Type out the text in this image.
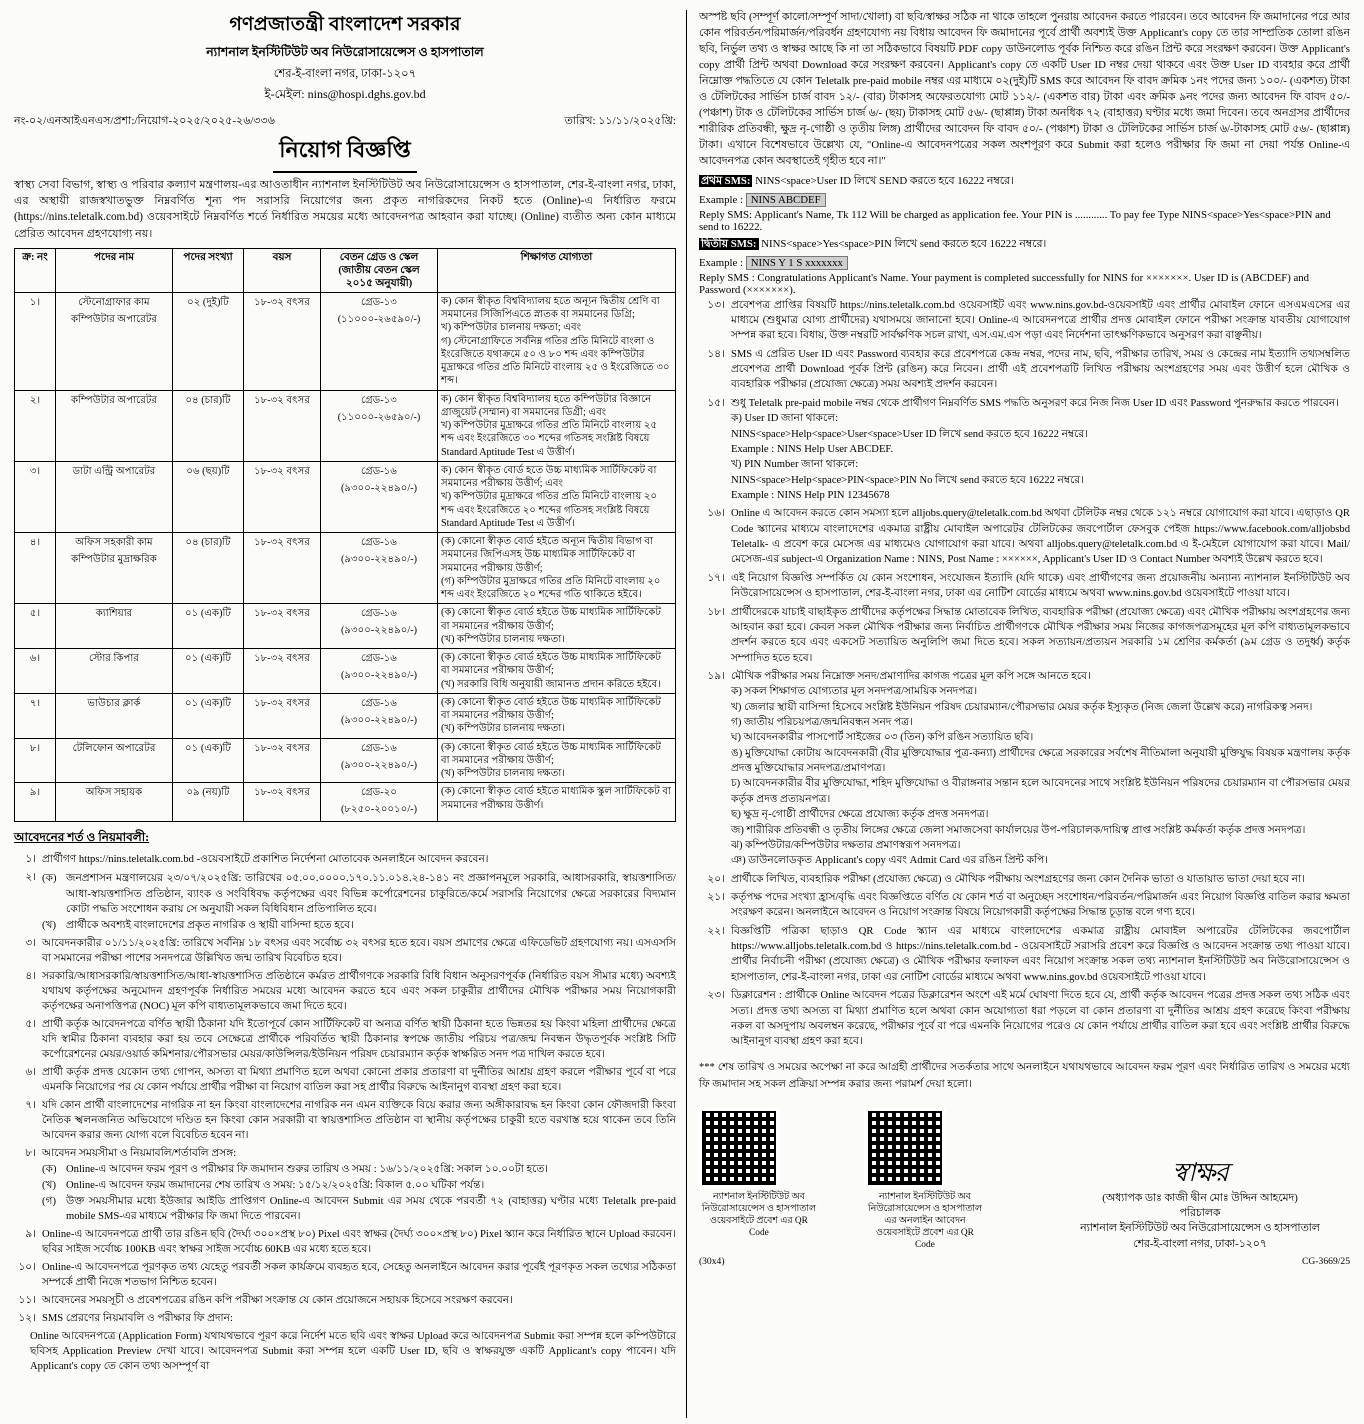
গণপ্রজাতন্ত্রী বাংলাদেশ সরকার
ন্যাশনাল ইনস্টিটিউট অব নিউরোসায়েন্সেস ও হাসপাতাল
শের-ই-বাংলা নগর, ঢাকা-১২০৭
ই-মেইল: nins@hospi.dghs.gov.bd
নং-০২/এনআইএনএস/প্রশা:/নিয়োগ-২০২৫/২০২৫-২৬/৩৩৬	তারিখ: ১১/১১/২০২৫খ্রি:
নিয়োগ বিজ্ঞপ্তি
স্বাস্থ্য সেবা বিভাগ, স্বাস্থ্য ও পরিবার কল্যাণ মন্ত্রণালয়-এর আওতাধীন ন্যাশনাল ইনস্টিটিউট অব নিউরোসায়েন্সেস ও হাসপাতাল, শের-ই-বাংলা নগর, ঢাকা, এর অস্থায়ী রাজস্বখাতভুক্ত নিম্নবর্ণিত শূন্য পদ সরাসরি নিয়োগের জন্য প্রকৃত নাগরিকদের নিকট হতে (Online)-এ নির্ধারিত ফরমে (https://nins.teletalk.com.bd) ওয়েবসাইটে নিম্নবর্ণিত শর্তে নির্ধারিত সময়ের মধ্যে আবেদনপত্র আহবান করা যাচ্ছে। (Online) ব্যতীত অন্য কোন মাধ্যমে প্রেরিত আবেদন গ্রহণযোগ্য নয়।
ক্র: নং	পদের নাম	পদের সংখ্যা	বয়স	বেতন গ্রেড ও স্কেল (জাতীয় বেতন স্কেল ২০১৫ অনুযায়ী)	শিক্ষাগত যোগ্যতা
১।	স্টেনোগ্রাফার কাম কম্পিউটার অপারেটর	০২ (দুই)টি	১৮-৩২ বৎসর	গ্রেড-১৩ (১১০০০-২৬৫৯০/-)	ক) কোন স্বীকৃত বিশ্ববিদ্যালয় হতে অন্যূন দ্বিতীয় শ্রেণি বা সমমানের সিজিপিএতে স্নাতক বা সমমানের ডিগ্রি;
খ) কম্পিউটার চালনায় দক্ষতা; এবং
গ) স্টেনোগ্রাফিতে সর্বনিম্ন গতির প্রতি মিনিটে বাংলা ও ইংরেজিতে যথাক্রমে ৫০ ও ৮০ শব্দ এবং কম্পিউটার মুদ্রাক্ষরে গতির প্রতি মিনিটে বাংলায় ২৫ ও ইংরেজিতে ৩০ শব্দ।
২।	কম্পিউটার অপারেটর	০৪ (চার)টি	১৮-৩২ বৎসর	গ্রেড-১৩ (১১০০০-২৬৫৯০/-)	ক) কোন স্বীকৃত বিশ্ববিদ্যালয় হতে কম্পিউটার বিজ্ঞানে গ্রাজুয়েট (সম্মান) বা সমমানের ডিগ্রী; এবং
খ) কম্পিউটার মুদ্রাক্ষরে গতির প্রতি মিনিটে বাংলায় ২৫ শব্দ এবং ইংরেজিতে ৩০ শব্দের গতিসহ সংশ্লিষ্ট বিষয়ে Standard Aptitude Test এ উত্তীর্ণ।
৩।	ডাটা এন্ট্রি অপারেটর	০৬ (ছয়)টি	১৮-৩২ বৎসর	গ্রেড-১৬ (৯৩০০-২২৪৯০/-)	ক) কোন স্বীকৃত বোর্ড হতে উচ্চ মাধ্যমিক সার্টিফিকেট বা সমমানের পরীক্ষায় উত্তীর্ণ; এবং
খ) কম্পিউটার মুদ্রাক্ষরে গতির প্রতি মিনিটে বাংলায় ২০ শব্দ এবং ইংরেজিতে ২০ শব্দের গতিসহ সংশ্লিষ্ট বিষয়ে Standard Aptitude Test এ উত্তীর্ণ।
৪।	অফিস সহকারী কাম কম্পিউটার মুদ্রাক্ষরিক	০৪ (চার)টি	১৮-৩২ বৎসর	গ্রেড-১৬ (৯৩০০-২২৪৯০/-)	(ক) কোনো স্বীকৃত বোর্ড হইতে অন্যূন দ্বিতীয় বিভাগ বা সমমানের জিপিএসহ উচ্চ মাধ্যমিক সার্টিফিকেট বা সমমানের পরীক্ষায় উত্তীর্ণ;
(গ) কম্পিউটার মুদ্রাক্ষরে গতির প্রতি মিনিটে বাংলায় ২০ শব্দ এবং ইংরেজিতে ২০ শব্দের গতি থাকিতে হইবে।
৫।	ক্যাশিয়ার	০১ (এক)টি	১৮-৩২ বৎসর	গ্রেড-১৬ (৯৩০০-২২৪৯০/-)	(ক) কোনো স্বীকৃত বোর্ড হইতে উচ্চ মাধ্যমিক সার্টিফিকেট বা সমমানের পরীক্ষায় উত্তীর্ণ;
(খ) কম্পিউটার চালনায় দক্ষতা।
৬।	স্টোর কিপার	০১ (এক)টি	১৮-৩২ বৎসর	গ্রেড-১৬ (৯৩০০-২২৪৯০/-)	(ক) কোনো স্বীকৃত বোর্ড হইতে উচ্চ মাধ্যমিক সার্টিফিকেট বা সমমানের পরীক্ষায় উত্তীর্ণ;
(খ) সরকারি বিধি অনুযায়ী জামানত প্রদান করিতে হইবে।
৭।	ভাউচার ক্লার্ক	০১ (এক)টি	১৮-৩২ বৎসর	গ্রেড-১৬ (৯৩০০-২২৪৯০/-)	(ক) কোনো স্বীকৃত বোর্ড হইতে উচ্চ মাধ্যমিক সার্টিফিকেট বা সমমানের পরীক্ষায় উত্তীর্ণ;
(খ) কম্পিউটার চালনায় দক্ষতা।
৮।	টেলিফোন অপারেটর	০১ (এক)টি	১৮-৩২ বৎসর	গ্রেড-১৬ (৯৩০০-২২৪৯০/-)	(ক) কোনো স্বীকৃত বোর্ড হইতে উচ্চ মাধ্যমিক সার্টিফিকেট বা সমমানের পরীক্ষায় উত্তীর্ণ;
(খ) কম্পিউটার চালনায় দক্ষতা।
৯।	অফিস সহায়ক	০৯ (নয়)টি	১৮-৩২ বৎসর	গ্রেড-২০ (৮২৫০-২০০১০/-)	(ক) কোনো স্বীকৃত বোর্ড হইতে মাধ্যমিক স্কুল সার্টিফিকেট বা সমমানের পরীক্ষায় উত্তীর্ণ।
আবেদনের শর্ত ও নিয়মাবলী:
১। প্রার্থীগণ https://nins.teletalk.com.bd -ওয়েবসাইটে প্রকাশিত নির্দেশনা মোতাবেক অনলাইনে আবেদন করবেন।
২। (ক) জনপ্রশাসন মন্ত্রণালয়ের ২৩/০৭/২০২৫খ্রি: তারিখের ০৫.০০.০০০০.১৭০.১১.০১৪.২৪-১৪১ নং প্রজ্ঞাপনমূলে সরকারি, আধাসরকারি, স্বায়ত্তশাসিত/আধা-স্বায়ত্তশাসিত প্রতিষ্ঠান, ব্যাংক ও সংবিধিবদ্ধ কর্তৃপক্ষের এবং বিভিন্ন কর্পোরেশনের চাকুরিতে/কর্মে সরাসরি নিয়োগের ক্ষেত্রে সরকারের বিদ্যমান কোটা পদ্ধতি সংশোধন করায় সে অনুযায়ী সকল বিধিবিধান প্রতিপালিত হবে।
(খ) প্রার্থীকে অবশ্যই বাংলাদেশের প্রকৃত নাগরিক ও স্থায়ী বাসিন্দা হতে হবে।
৩। আবেদনকারীর ০১/১১/২০২৫খ্রি: তারিখে সর্বনিম্ন ১৮ বৎসর এবং সর্বোচ্চ ৩২ বৎসর হতে হবে। বয়স প্রমাণের ক্ষেত্রে এফিডেভিট গ্রহণযোগ্য নয়। এসএসসি বা সমমানের পরীক্ষা পাশের সনদপত্রে উল্লিখিত জন্ম তারিখ বিবেচিত হবে।
৪। সরকারি/আধাসরকারি/স্বায়ত্তশাসিত/আধা-স্বায়ত্তশাসিত প্রতিষ্ঠানে কর্মরত প্রার্থীগণকে সরকারি বিধি বিধান অনুসরণপূর্বক (নির্ধারিত বয়স সীমার মধ্যে) অবশ্যই যথাযথ কর্তৃপক্ষের অনুমোদন গ্রহণপূর্বক নির্ধারিত সময়ের মধ্যে আবেদন করতে হবে এবং সকল চাকুরীর প্রার্থীদের মৌখিক পরীক্ষার সময় নিয়োগকারী কর্তৃপক্ষের অনাপত্তিপত্র (NOC) মূল কপি বাধ্যতামূলকভাবে জমা দিতে হবে।
৫। প্রার্থী কর্তৃক আবেদনপত্রে বর্ণিত স্থায়ী ঠিকানা যদি ইতোপূর্বে কোন সার্টিফিকেট বা অন্যত্র বর্ণিত স্থায়ী ঠিকানা হতে ভিন্নতর হয় কিংবা মহিলা প্রার্থীদের ক্ষেত্রে যদি স্বামীর ঠিকানা ব্যবহার করা হয় তবে সেক্ষেত্রে প্রার্থীকে পরিবর্তিত স্থায়ী ঠিকানার স্বপক্ষে জাতীয় পরিচয় পত্র/জন্ম নিবন্ধন উদ্ধৃতপূর্বক সংশ্লিষ্ট সিটি কর্পোরেশনের মেয়র/ওয়ার্ড কমিশনার/পৌরসভার মেয়র/কাউন্সিলর/ইউনিয়ন পরিষদ চেয়ারম্যান কর্তৃক স্বাক্ষরিত সনদ পত্র দাখিল করতে হবে।
৬। প্রার্থী কর্তৃক প্রদত্ত যেকোন তথ্য গোপন, অসত্য বা মিথ্যা প্রমাণিত হলে অথবা কোনো প্রকার প্রতারণা বা দুর্নীতির আশ্রয় গ্রহণ করলে পরীক্ষার পূর্বে বা পরে এমনকি নিয়োগের পর যে কোন পর্যায়ে প্রার্থীর পরীক্ষা বা নিয়োগ বাতিল করা সহ প্রার্থীর বিরুদ্ধে আইনানুগ ব্যবস্থা গ্রহণ করা হবে।
৭। যদি কোন প্রার্থী বাংলাদেশের নাগরিক না হন কিংবা বাংলাদেশের নাগরিক নন এমন ব্যক্তিকে বিয়ে করার জন্য অঙ্গীকারাবদ্ধ হন কিংবা কোন ফৌজদারী কিংবা নৈতিক স্খলনজনিত অভিযোগে দণ্ডিত হন কিংবা কোন সরকারী বা স্বায়ত্তশাসিত প্রতিষ্ঠান বা স্থানীয় কর্তৃপক্ষের চাকুরী হতে বরখাস্ত হয়ে থাকেন তবে তিনি আবেদন করার জন্য যোগ্য বলে বিবেচিত হবেন না।
৮। আবেদন সময়সীমা ও নিয়মাবলি/শর্তাবলি প্রসঙ্গ:
(ক) Online-এ আবেদন ফরম পূরণ ও পরীক্ষার ফি জমাদান শুরুর তারিখ ও সময় : ১৬/১১/২০২৫খ্রি: সকাল ১০.০০টা হতে।
(খ) Online-এ আবেদন ফরম জমাদানের শেষ তারিখ ও সময়: ১৫/১২/২০২৫খ্রি: বিকাল ৫.০০ ঘটিকা পর্যন্ত।
(গ) উক্ত সময়সীমার মধ্যে ইউজার আইডি প্রাপ্তিগণ Online-এ আবেদন Submit এর সময় থেকে পরবর্তী ৭২ (বাহাত্তর) ঘণ্টার মধ্যে Teletalk pre-paid mobile SMS-এর মাধ্যমে পরীক্ষার ফি জমা দিতে পারবেন।
৯। Online-এ আবেদনপত্রে প্রার্থী তার রঙিন ছবি (দৈর্ঘ্য ৩০০×প্রস্থ ৮০) Pixel এবং স্বাক্ষর (দৈর্ঘ্য ৩০০×প্রস্থ ৮০) Pixel স্ক্যান করে নির্ধারিত স্থানে Upload করবেন। ছবির সাইজ সর্বোচ্চ 100KB এবং স্বাক্ষর সাইজ সর্বোচ্চ 60KB এর মধ্যে হতে হবে।
১০। Online-এ আবেদনপত্রে পূরণকৃত তথ্য যেহেতু পরবর্তী সকল কার্যক্রমে ব্যবহৃত হবে, সেহেতু অনলাইনে আবেদন করার পূর্বেই পূরণকৃত সকল তথ্যের সঠিকতা সম্পর্কে প্রার্থী নিজে শতভাগ নিশ্চিত হবেন।
১১। আবেদনের সময়সূচী ও প্রবেশপত্রের রঙিন কপি পরীক্ষা সংক্রান্ত যে কোন প্রয়োজনে সহায়ক হিসেবে সংরক্ষণ করবেন।
১২। SMS প্রেরণের নিয়মাবলি ও পরীক্ষার ফি প্রদান:

Online আবেদনপত্রে (Application Form) যথাযথভাবে পূরণ করে নির্দেশ মতে ছবি এবং স্বাক্ষর Upload করে আবেদনপত্র Submit করা সম্পন্ন হলে কম্পিউটারে ছবিসহ Application Preview দেখা যাবে। আবেদনপত্র Submit করা সম্পন্ন হলে একটি User ID, ছবি ও স্বাক্ষরযুক্ত একটি Applicant's copy পাবেন। যদি Applicant's copy তে কোন তথ্য অসম্পূর্ণ বা
অস্পষ্ট ছবি (সম্পূর্ণ কালো/সম্পূর্ণ সাদা/খোলা) বা ছবি/স্বাক্ষর সঠিক না থাকে তাহলে পুনরায় আবেদন করতে পারবেন। তবে আবেদন ফি জমাদানের পরে আর কোন পরিবর্তন/পরিমার্জন/পরিবর্ধন গ্রহণযোগ্য নয় বিধায় আবেদন ফি জমাদানের পূর্বে প্রার্থী অবশ্যই উক্ত Applicant's copy তে তার সাম্প্রতিক তোলা রঙিন ছবি, নির্ভুল তথ্য ও স্বাক্ষর আছে কি না তা সঠিকভাবে বিষয়টি PDF copy ডাউনলোড পূর্বক নিশ্চিত করে রঙিন প্রিন্ট করে সংরক্ষণ করবেন। উক্ত Applicant's copy প্রার্থী প্রিন্ট অথবা Download করে সংরক্ষণ করবেন। Applicant's copy তে একটি User ID নম্বর দেয়া থাকবে এবং উক্ত User ID ব্যবহার করে প্রার্থী নিম্নোক্ত পদ্ধতিতে যে কোন Teletalk pre-paid mobile নম্বর এর মাধ্যমে ০২(দুই)টি SMS করে আবেদন ফি বাবদ ক্রমিক ১নং পদের জন্য ১০০/- (একশত) টাকা ও টেলিটকের সার্ভিস চার্জ বাবদ ১২/- (বার) টাকাসহ অফেরতযোগ্য মোট ১১২/- (একশত বার) টাকা এবং ক্রমিক ৯নং পদের জন্য আবেদন ফি বাবদ ৫০/- (পঞ্চাশ) টাক ও টেলিটকের সার্ভিস চার্জ ৬/- (ছয়) টাকাসহ মোট ৫৬/- (ছাপ্পান্ন) টাকা অনধিক ৭২ (বাহাত্তর) ঘণ্টার মধ্যে জমা দিবেন। তবে অনগ্রসর প্রার্থীদের শারীরিক প্রতিবন্ধী, ক্ষুদ্র নৃ-গোষ্ঠী ও তৃতীয় লিঙ্গ) প্রার্থীদের আবেদন ফি বাবদ ৫০/- (পঞ্চাশ) টাকা ও টেলিটকের সার্ভিস চার্জ ৬/-টাকাসহ মোট ৫৬/- (ছাপ্পান্ন) টাকা। এখানে বিশেষভাবে উল্লেখ্য যে, "Online-এ আবেদনপত্রের সকল অংশপূরণ করে Submit করা হলেও পরীক্ষার ফি জমা না দেয়া পর্যন্ত Online-এ আবেদনপত্র কোন অবস্থাতেই গৃহীত হবে না।"
প্রথম SMS: NINS<space>User ID লিখে SEND করতে হবে 16222 নম্বরে।
Example : NINS ABCDEF
Reply SMS: Applicant's Name, Tk 112 Will be charged as application fee. Your PIN is ............ To pay fee Type NINS<space>Yes<space>PIN and send to 16222.
দ্বিতীয় SMS: NINS<space>Yes<space>PIN লিখে send করতে হবে 16222 নম্বরে।
Example : NINS Y 1 S xxxxxxx
Reply SMS : Congratulations Applicant's Name. Your payment is completed successfully for NINS for ×××××××. User ID is (ABCDEF) and Password (×××××××).
১৩। প্রবেশপত্র প্রাপ্তির বিষয়টি https://nins.teletalk.com.bd ওয়েবসাইট এবং www.nins.gov.bd-ওয়েবসাইট এবং প্রার্থীর মোবাইল ফোনে এসএমএসের এর মাধ্যমে (শুধুমাত্র যোগ্য প্রার্থীদের) যথাসময়ে জানানো হবে। Online-এ আবেদনপত্রে প্রার্থীর প্রদত্ত মোবাইল ফোনে পরীক্ষা সংক্রান্ত যাবতীয় যোগাযোগ সম্পন্ন করা হবে। বিধায়, উক্ত নম্বরটি সার্বক্ষণিক সচল রাখা, এস.এম.এস পড়া এবং নির্দেশনা তাৎক্ষণিকভাবে অনুসরণ করা বাঞ্ছনীয়।
১৪। SMS এ প্রেরিত User ID এবং Password ব্যবহার করে প্রবেশপত্রে কেন্দ্র নম্বর, পদের নাম, ছবি, পরীক্ষার তারিখ, সময় ও কেন্দ্রের নাম ইত্যাদি তথ্যসম্বলিত প্রবেশপত্র প্রার্থী Download পূর্বক প্রিন্ট (রঙিন) করে নিবেন। প্রার্থী এই প্রবেশপত্রটি লিখিত পরীক্ষায় অংশগ্রহণের সময় এবং উত্তীর্ণ হলে মৌখিক ও ব্যবহারিক পরীক্ষার (প্রযোজ্য ক্ষেত্রে) সময় অবশ্যই প্রদর্শন করবেন।
১৫। শুধু Teletalk pre-paid mobile নম্বর থেকে প্রার্থীগণ নিম্নবর্ণিত SMS পদ্ধতি অনুসরণ করে নিজ নিজ User ID এবং Password পুনরুদ্ধার করতে পারবেন।
ক) User ID জানা থাকলে:
NINS<space>Help<space>User<space>User ID লিখে send করতে হবে 16222 নম্বরে।
Example : NINS Help User ABCDEF.
খ) PIN Number জানা থাকলে:
NINS<space>Help<space>PIN<space>PIN No লিখে send করতে হবে 16222 নম্বরে।
Example : NINS Help PIN 12345678
১৬। Online এ আবেদন করতে কোন সমস্যা হলে alljobs.query@teletalk.com.bd অথবা টেলিটক নম্বর থেকে ১২১ নম্বরে যোগাযোগ করা যাবে। এছাড়াও QR Code স্ক্যানের মাধ্যমে বাংলাদেশের একমাত্র রাষ্ট্রীয় মোবাইল অপারেটর টেলিটকের জবপোর্টাল ফেসবুক পেইজ https://www.facebook.com/alljobsbd Teletalk- এ প্রবেশ করে মেসেজ এর মাধ্যমেও যোগাযোগ করা যাবে। অথবা alljobs.query@teletalk.com.bd এ ই-মেইলে যোগাযোগ করা যাবে। Mail/মেসেজ-এর subject-এ Organization Name : NINS, Post Name : ××××××, Applicant's User ID ও Contact Number অবশ্যই উল্লেখ করতে হবে।
১৭। এই নিয়োগ বিজ্ঞপ্তি সম্পর্কিত যে কোন সংশোধন, সংযোজন ইত্যাদি (যদি থাকে) এবং প্রার্থীগণের জন্য প্রয়োজনীয় অন্যান্য ন্যাশনাল ইনস্টিটিউট অব নিউরোসায়েন্সেস ও হাসপাতাল, শের-ই-বাংলা নগর, ঢাকা এর নোটিশ বোর্ডের মাধ্যমে অথবা www.nins.gov.bd ওয়েবসাইটে পাওয়া যাবে।
১৮। প্রার্থীদেরকে যাচাই বাছাইকৃত প্রার্থীদের কর্তৃপক্ষের সিদ্ধান্ত মোতাবেক লিখিত, ব্যবহারিক পরীক্ষা (প্রযোজ্য ক্ষেত্রে) এবং মৌখিক পরীক্ষায় অংশগ্রহণের জন্য আহবান করা হবে। কেবল সকল মৌখিক পরীক্ষার জন্য নির্বাচিত প্রার্থীগণকে মৌখিক পরীক্ষার সময় নিজের কাগজপত্রসমূহের মূল কপি বাধ্যতামূলকভাবে প্রদর্শন করতে হবে এবং একসেট সত্যায়িত অনুলিপি জমা দিতে হবে। সকল সত্যায়ন/প্রত্যয়ন সরকারি ১ম শ্রেণির কর্মকর্তা (৯ম গ্রেড ও তদুর্ধ্ব) কর্তৃক সম্পাদিত হতে হবে।
১৯। মৌখিক পরীক্ষার সময় নিম্নোক্ত সনদ/প্রমাণাদির কাগজ পত্রের মূল কপি সঙ্গে আনতে হবে।
ক) সকল শিক্ষাগত যোগ্যতার মূল সনদপত্র/সাময়িক সনদপত্র।
খ) জেলার স্থায়ী বাসিন্দা হিসেবে সংশ্লিষ্ট ইউনিয়ন পরিষদ চেয়ারম্যান/পৌরসভার মেয়র কর্তৃক ইস্যুকৃত (নিজ জেলা উল্লেখ করে) নাগরিকত্ব সনদ।
গ) জাতীয় পরিচয়পত্র/জন্মনিবন্ধন সনদ পত্র।
ঘ) আবেদনকারীর পাসপোর্ট সাইজের ০৩ (তিন) কপি রঙিন সত্যায়িত ছবি।
ঙ) মুক্তিযোদ্ধা কোটায় আবেদনকারী (বীর মুক্তিযোদ্ধার পুত্র-কন্যা) প্রার্থীদের ক্ষেত্রে সরকারের সর্বশেষ নীতিমালা অনুযায়ী মুক্তিযুদ্ধ বিষয়ক মন্ত্রণালয় কর্তৃক প্রদত্ত মুক্তিযোদ্ধার সনদপত্র/প্রমাণপত্র।
চ) আবেদনকারীর বীর মুক্তিযোদ্ধা, শহিদ মুক্তিযোদ্ধা ও বীরাঙ্গনার সন্তান হলে আবেদনের সাথে সংশ্লিষ্ট ইউনিয়ন পরিষদের চেয়ারম্যান বা পৌরসভার মেয়র কর্তৃক প্রদত্ত প্রত্যয়নপত্র।
ছ) ক্ষুদ্র নৃ-গোষ্ঠী প্রার্থীদের ক্ষেত্রে প্রযোজ্য কর্তৃক প্রদত্ত সনদপত্র।
জ) শারীরিক প্রতিবন্ধী ও তৃতীয় লিঙ্গের ক্ষেত্রে জেলা সমাজসেবা কার্যালয়ের উপ-পরিচালক/দায়িত্ব প্রাপ্ত সংশ্লিষ্ট কর্মকর্তা কর্তৃক প্রদত্ত সনদপত্র।
ঝ) কম্পিউটার/কম্পিউটার দক্ষতার প্রমাণস্বরূপ সনদপত্র।
ঞ) ডাউনলোডকৃত Applicant's copy এবং Admit Card এর রঙিন প্রিন্ট কপি।
২০। প্রার্থীকে লিখিত, ব্যবহারিক পরীক্ষা (প্রযোজ্য ক্ষেত্রে) ও মৌখিক পরীক্ষায় অংশগ্রহণের জন্য কোন দৈনিক ভাতা ও যাতায়াত ভাতা দেয়া হবে না।
২১। কর্তৃপক্ষ পদের সংখ্যা হ্রাস/বৃদ্ধি এবং বিজ্ঞপ্তিতে বর্ণিত যে কোন শর্ত বা অনুচ্ছেদ সংশোধন/পরিবর্তন/পরিমার্জন এবং নিয়োগ বিজ্ঞপ্তি বাতিল করার ক্ষমতা সংরক্ষণ করেন। অনলাইনে আবেদন ও নিয়োগ সংক্রান্ত বিষয়ে নিয়োগকারী কর্তৃপক্ষের সিদ্ধান্ত চূড়ান্ত বলে গণ্য হবে।
২২। বিজ্ঞপ্তিটি পত্রিকা ছাড়াও QR Code স্ক্যান এর মাধ্যমে বাংলাদেশের একমাত্র রাষ্ট্রীয় মোবাইল অপারেটর টেলিটকের জবপোর্টাল https://www.alljobs.teletalk.com.bd ও https://nins.teletalk.com.bd - ওয়েবসাইটে সরাসরি প্রবেশ করে বিজ্ঞপ্তি ও আবেদন সংক্রান্ত তথ্য পাওয়া যাবে। প্রার্থীর নির্বাচনী পরীক্ষা (প্রযোজ্য ক্ষেত্রে) ও মৌখিক পরীক্ষার ফলাফল এবং নিয়োগ সংক্রান্ত সকল তথ্য ন্যাশনাল ইনস্টিটিউট অব নিউরোসায়েন্সেস ও হাসপাতাল, শের-ই-বাংলা নগর, ঢাকা এর নোটিশ বোর্ডের মাধ্যমে অথবা www.nins.gov.bd ওয়েবসাইটে পাওয়া যাবে।
২৩। ডিক্লারেশন : প্রার্থীকে Online আবেদন পত্রের ডিক্লারেশন অংশে এই মর্মে ঘোষণা দিতে হবে যে, প্রার্থী কর্তৃক আবেদন পত্রের প্রদত্ত সকল তথ্য সঠিক এবং সত্য। প্রদত্ত তথ্য অসত্য বা মিথ্যা প্রমাণিত হলে অথবা কোন অযোগ্যতা ধরা পড়লে বা কোন প্রতারণা বা দুর্নীতির আশ্রয় গ্রহণ করেছে কিংবা পরীক্ষায় নকল বা অসদুপায় অবলম্বন করেছে, পরীক্ষার পূর্বে বা পরে এমনকি নিয়োগের পরেও যে কোন পর্যায়ে প্রার্থীর বাতিল করা হবে এবং সংশ্লিষ্ট প্রার্থীর বিরুদ্ধে আইনানুগ ব্যবস্থা গ্রহণ করা হবে।
*** শেষ তারিখ ও সময়ের অপেক্ষা না করে আগ্রহী প্রার্থীদের সতর্কতার সাথে অনলাইনে যথাযথভাবে আবেদন ফরম পূরণ এবং নির্ধারিত তারিখ ও সময়ের মধ্যে ফি জমাদান সহ সকল প্রক্রিয়া সম্পন্ন করার জন্য পরামর্শ দেয়া হলো।
ন্যাশনাল ইনস্টিটিউট অব নিউরোসায়েন্সেস ও হাসপাতাল ওয়েবসাইটে প্রবেশ এর QR Code
ন্যাশনাল ইনস্টিটিউট অব নিউরোসায়েন্সেস ও হাসপাতাল এর অনলাইন আবেদন ওয়েবসাইটে প্রবেশ এর QR Code
স্বাক্ষর
(অধ্যাপক ডাঃ কাজী দ্বীন মোঃ উদ্দিন আহমেদ)
পরিচালক
ন্যাশনাল ইনস্টিটিউট অব নিউরোসায়েন্সেস ও হাসপাতাল
শের-ই-বাংলা নগর, ঢাকা-১২০৭
(30x4)	CG-3669/25
